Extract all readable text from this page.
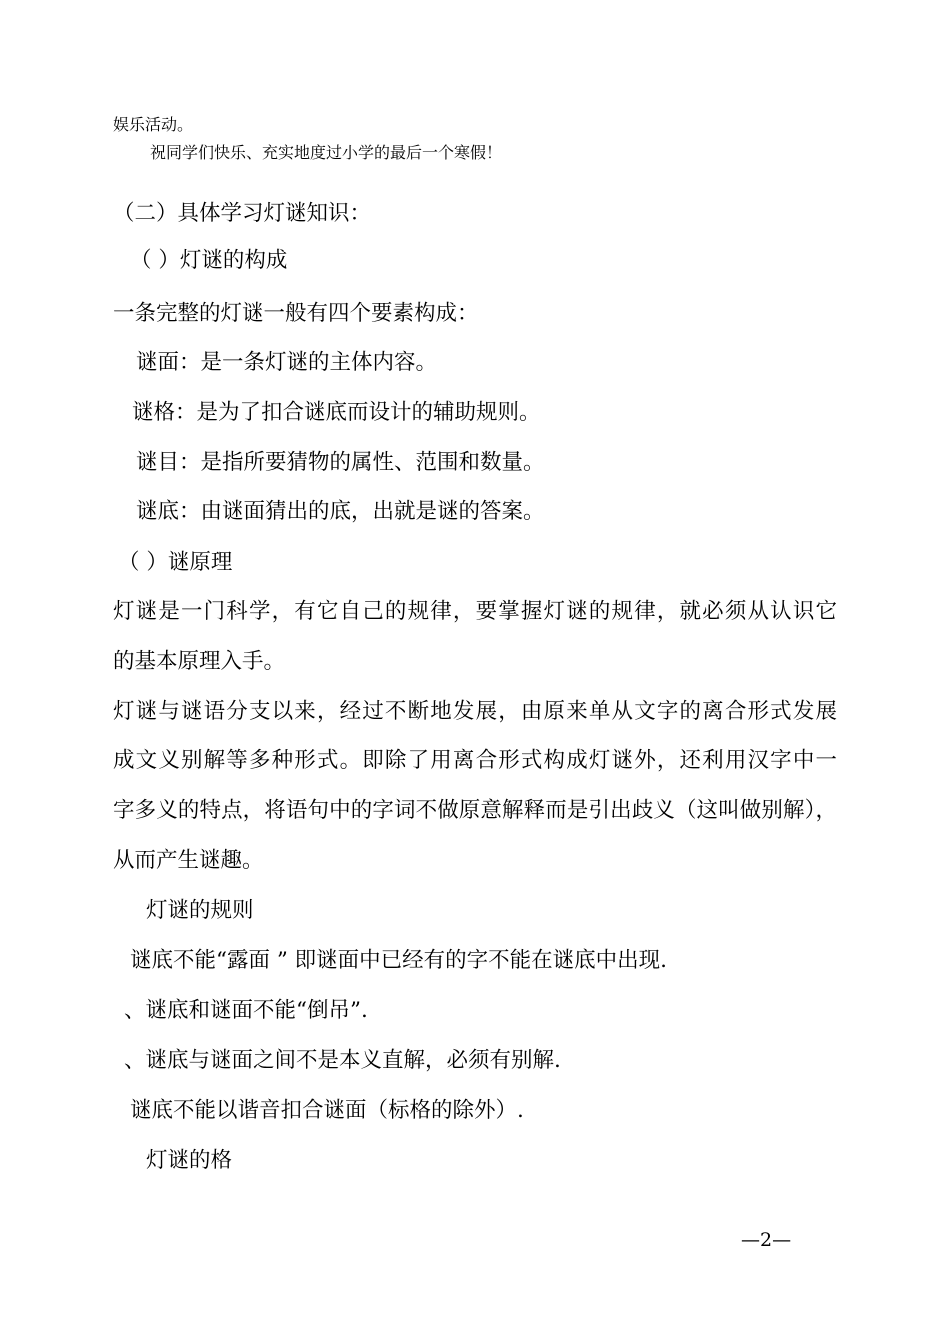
娱乐活动。
祝同学们快乐、充实地度过小学的最后一个寒假！
（二）具体学习灯谜知识：
（ ）灯谜的构成
一条完整的灯谜一般有四个要素构成：
谜面：是一条灯谜的主体内容。
谜格：是为了扣合谜底而设计的辅助规则。
谜目：是指所要猜物的属性、范围和数量。
谜底：由谜面猜出的底，出就是谜的答案。
（ ）谜原理
灯谜是一门科学，有它自己的规律，要掌握灯谜的规律，就必须从认识它
的基本原理入手。
灯谜与谜语分支以来，经过不断地发展，由原来单从文字的离合形式发展
成文义别解等多种形式。即除了用离合形式构成灯谜外，还利用汉字中一
字多义的特点，将语句中的字词不做原意解释而是引出歧义（这叫做别解），
从而产生谜趣。
灯谜的规则
谜底不能“露面 ” 即谜面中已经有的字不能在谜底中出现.
、谜底和谜面不能“倒吊”.
、谜底与谜面之间不是本义直解，必须有别解.
谜底不能以谐音扣合谜面（标格的除外）.
灯谜的格
—2—
